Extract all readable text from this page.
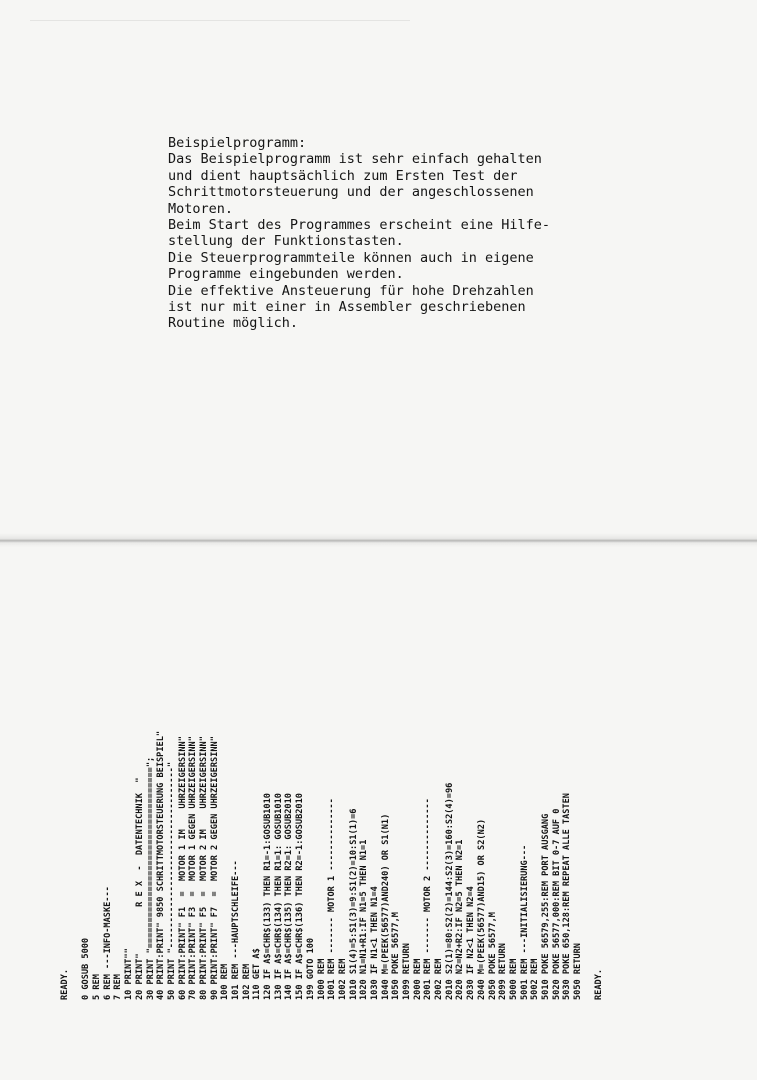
Beispielprogramm:
Das Beispielprogramm ist sehr einfach gehalten
und dient hauptsächlich zum Ersten Test der
Schrittmotorsteuerung und der angeschlossenen
Motoren.
Beim Start des Programmes erscheint eine Hilfe-
stellung der Funktionstasten.
Die Steuerprogrammteile können auch in eigene
Programme eingebunden werden.
Die effektive Ansteuerung für hohe Drehzahlen
ist nur mit einer in Assembler geschriebenen
Routine möglich.
READY. 0 GOSUB 5000 5 REM 6 REM ---INFO-MASKE--- 7 REM 10 PRINT"" 20 PRINT"         R E X  -  DATENTECHNIK  " 30 PRINT "==================================="; 40 PRINT:PRINT" 9850 SCHRITTMOTORSTEUERUNG BEISPIEL" 50 PRINT "-----------------------------------" 60 PRINT:PRINT" F1  =  MOTOR 1 IM    UHRZEIGERSINN" 70 PRINT:PRINT" F3  =  MOTOR 1 GEGEN UHRZEIGERSINN" 80 PRINT:PRINT" F5  =  MOTOR 2 IM    UHRZEIGERSINN" 90 PRINT:PRINT" F7  =  MOTOR 2 GEGEN UHRZEIGERSINN" 100 REM 101 REM ---HAUPTSCHLEIFE--- 102 REM 110 GET A$ 120 IF A$=CHR$(133) THEN R1=-1:GOSUB1010 130 IF A$=CHR$(134) THEN R1=1: GOSUB1010 140 IF A$=CHR$(135) THEN R2=1: GOSUB2010 150 IF A$=CHR$(136) THEN R2=-1:GOSUB2010 199 GOTO 100 1000 REM 1001 REM ------- MOTOR 1 -------------- 1002 REM 1010 S1(4)=5:S1(3)=9:S1(2)=10:S1(1)=6 1020 N1=N1+R1:IF N1=5 THEN N1=1 1030 IF N1<1 THEN N1=4 1040 M=(PEEK(56577)AND240) OR S1(N1) 1050 POKE 56577,M 1099 RETURN 2000 REM 2001 REM ------- MOTOR 2 -------------- 2002 REM 2010 S2(1)=80:S2(2)=144:S2(3)=160:S2(4)=96 2020 N2=N2+R2:IF N2=5 THEN N2=1 2030 IF N2<1 THEN N2=4 2040 M=(PEEK(56577)AND15) OR S2(N2) 2050 POKE 56577,M 2099 RETURN 5000 REM 5001 REM ---INITIALISIERUNG--- 5002 REM 5010 POKE 56579,255:REM PORT AUSGANG 5020 POKE 56577,000:REM BIT 0-7 AUF 0 5030 POKE 650,128:REM REPEAT ALLE TASTEN 5050 RETURN READY.
